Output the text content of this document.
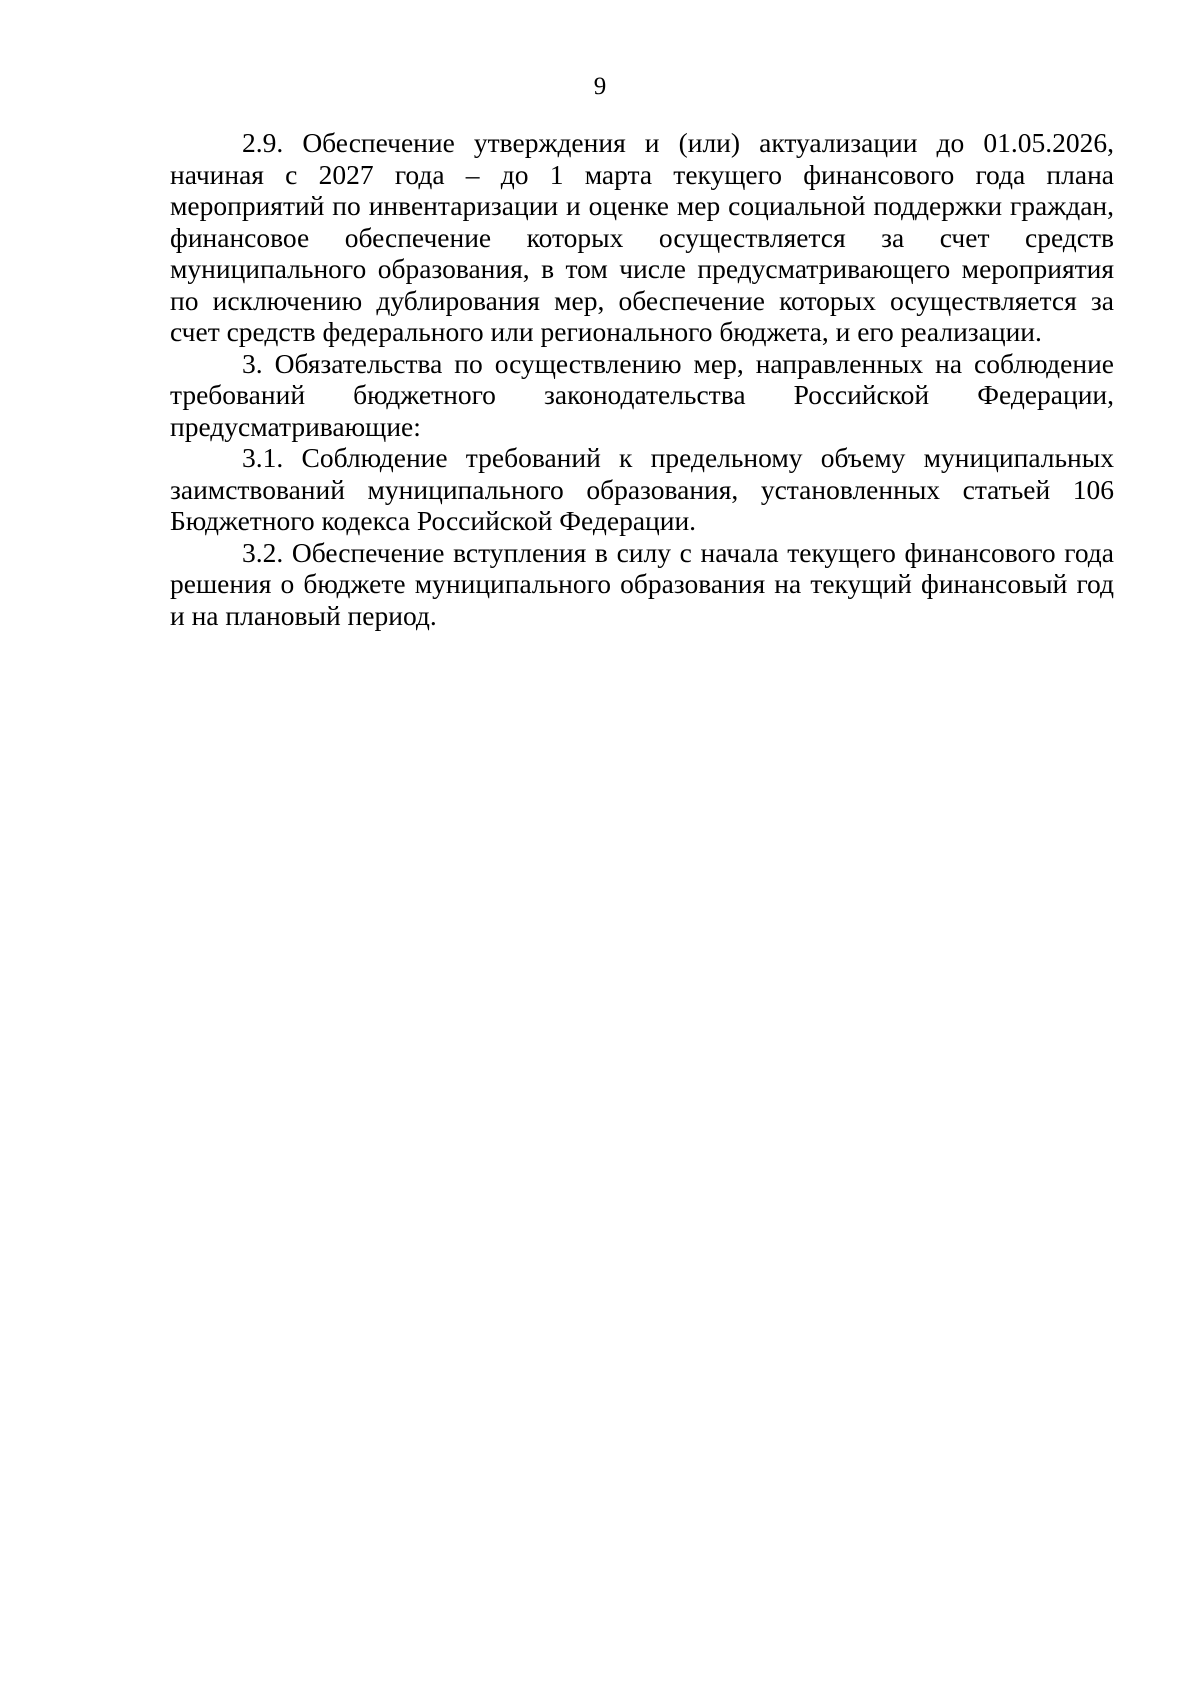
9

2.9. Обеспечение утверждения и (или) актуализации до 01.05.2026, начиная с 2027 года – до 1 марта текущего финансового года плана мероприятий по инвентаризации и оценке мер социальной поддержки граждан, финансовое обеспечение которых осуществляется за счет средств муниципального образования, в том числе предусматривающего мероприятия по исключению дублирования мер, обеспечение которых осуществляется за счет средств федерального или регионального бюджета, и его реализации.

3. Обязательства по осуществлению мер, направленных на соблюдение требований бюджетного законодательства Российской Федерации, предусматривающие:

3.1. Соблюдение требований к предельному объему муниципальных заимствований муниципального образования, установленных статьей 106 Бюджетного кодекса Российской Федерации.

3.2. Обеспечение вступления в силу с начала текущего финансового года решения о бюджете муниципального образования на текущий финансовый год и на плановый период.
